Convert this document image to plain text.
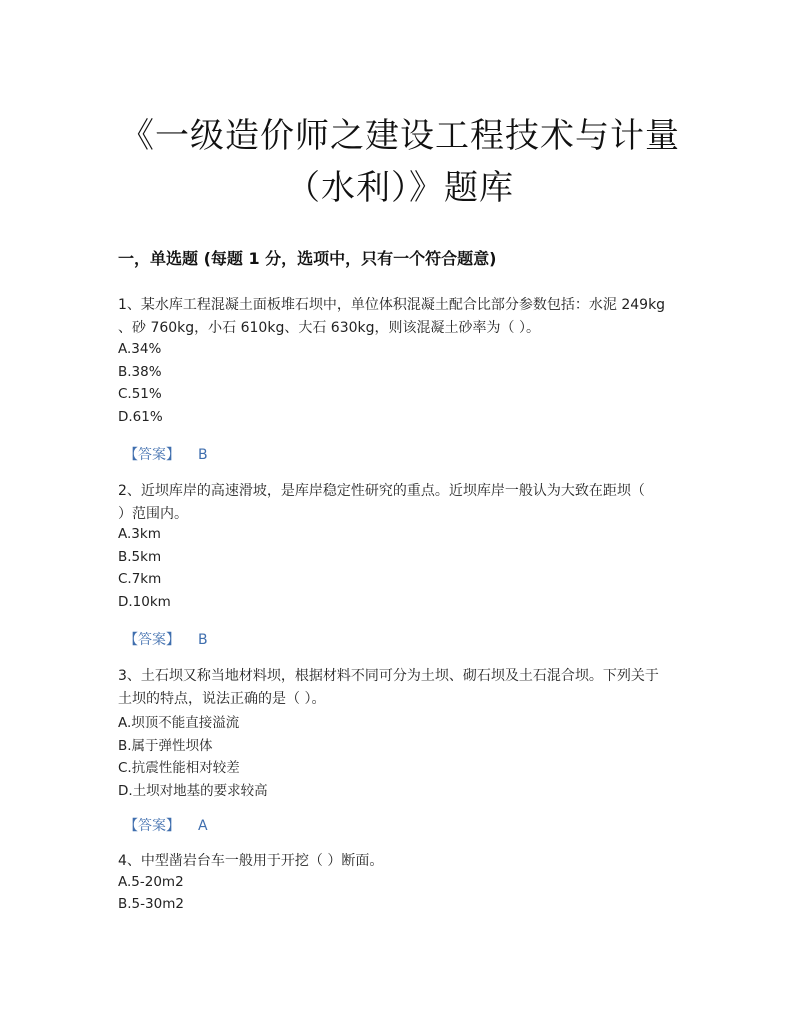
《一级造价师之建设工程技术与计量
（水利）》题库
一，单选题 (每题 1 分，选项中，只有一个符合题意)
1、某水库工程混凝土面板堆石坝中，单位体积混凝土配合比部分参数包括：水泥 249kg
、砂 760kg，小石 610kg、大石 630kg，则该混凝土砂率为（ ）。
A.34%
B.38%
C.51%
D.61%
【答案】 B
2、近坝库岸的高速滑坡，是库岸稳定性研究的重点。近坝库岸一般认为大致在距坝（
）范围内。
A.3km
B.5km
C.7km
D.10km
【答案】 B
3、土石坝又称当地材料坝，根据材料不同可分为土坝、砌石坝及土石混合坝。下列关于
土坝的特点，说法正确的是（ ）。
A.坝顶不能直接溢流
B.属于弹性坝体
C.抗震性能相对较差
D.土坝对地基的要求较高
【答案】 A
4、中型凿岩台车一般用于开挖（ ）断面。
A.5-20m2
B.5-30m2
